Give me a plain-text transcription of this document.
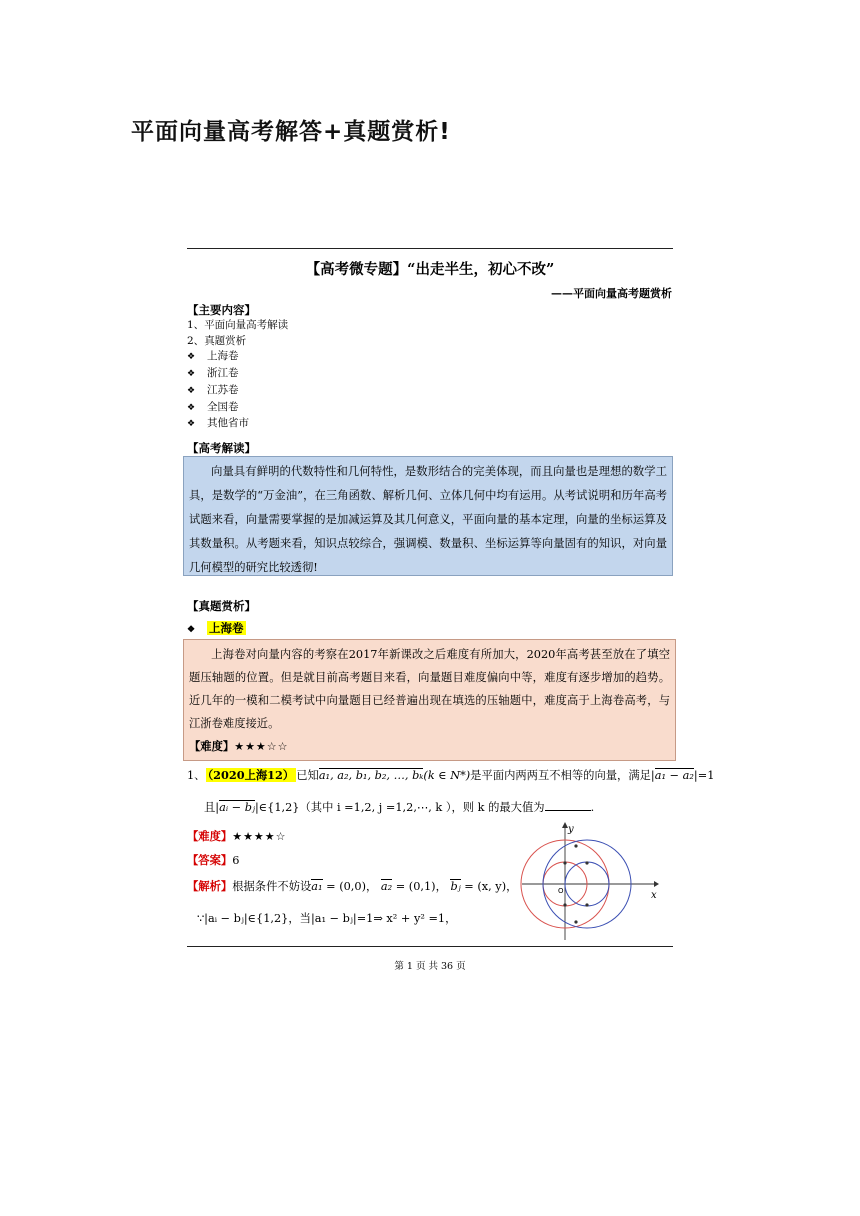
平面向量高考解答+真题赏析!
【高考微专题】“出走半生，初心不改”
——平面向量高考题赏析
【主要内容】
1、平面向量高考解读
2、真题赏析
❖ 上海卷
❖ 浙江卷
❖ 江苏卷
❖ 全国卷
❖ 其他省市
【高考解读】
向量具有鲜明的代数特性和几何特性，是数形结合的完美体现，而且向量也是理想的数学工具，是数学的“万金油”，在三角函数、解析几何、立体几何中均有运用。从考试说明和历年高考试题来看，向量需要掌握的是加减运算及其几何意义，平面向量的基本定理，向量的坐标运算及其数量积。从考题来看，知识点较综合，强调模、数量积、坐标运算等向量固有的知识，对向量几何模型的研究比较透彻!
【真题赏析】
❖ 上海卷
上海卷对向量内容的考察在2017年新课改之后难度有所加大，2020年高考甚至放在了填空题压轴题的位置。但是就目前高考题目来看，向量题目难度偏向中等，难度有逐步增加的趋势。近几年的一模和二模考试中向量题目已经普遍出现在填选的压轴题中，难度高于上海卷高考，与江浙卷难度接近。
【难度】★★★☆☆
1、 （2020上海12） 已知a₁, a₂, b₁, b₂, …, bₖ(k ∈ N*)是平面内两两互不相等的向量，满足|a₁ − a₂|=1
且|aᵢ − bⱼ|∈{1,2}（其中 i =1,2, j =1,2,⋯, k ），则 k 的最大值为	.
【难度】★★★★☆
【答案】6
【解析】根据条件不妨设a₁ = (0,0)， a₂ = (0,1)， bⱼ = (x, y)，
∵|aᵢ − bⱼ|∈{1,2}，当|a₁ − bⱼ|=1⇒ x² + y² =1，
x
y
O
第 1 页 共 36 页
